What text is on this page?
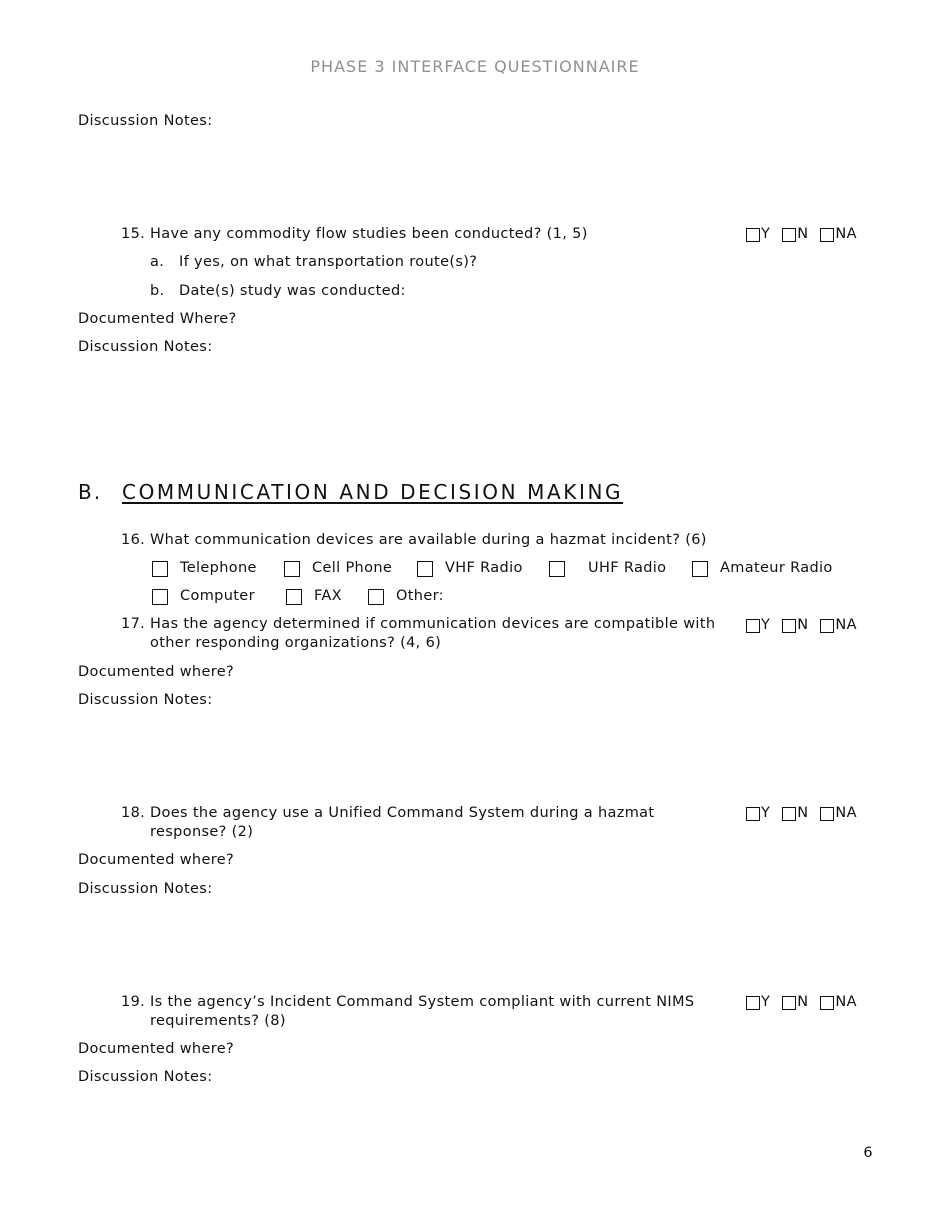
PHASE 3 INTERFACE QUESTIONNAIRE
Discussion Notes:
15. Have any commodity flow studies been conducted? (1, 5)	Y N NA
a. If yes, on what transportation route(s)?
b. Date(s) study was conducted:
Documented Where?
Discussion Notes:
B. COMMUNICATION AND DECISION MAKING
16. What communication devices are available during a hazmat incident? (6)
Telephone	Cell Phone	VHF Radio	UHF Radio	Amateur Radio
Computer	FAX	Other:
17. Has the agency determined if communication devices are compatible with other responding organizations? (4, 6)
Y N NA
Documented where?
Discussion Notes:
18. Does the agency use a Unified Command System during a hazmat response? (2)
Y N NA
Documented where?
Discussion Notes:
19. Is the agency’s Incident Command System compliant with current NIMS requirements? (8)
Y N NA
Documented where?
Discussion Notes:
6
